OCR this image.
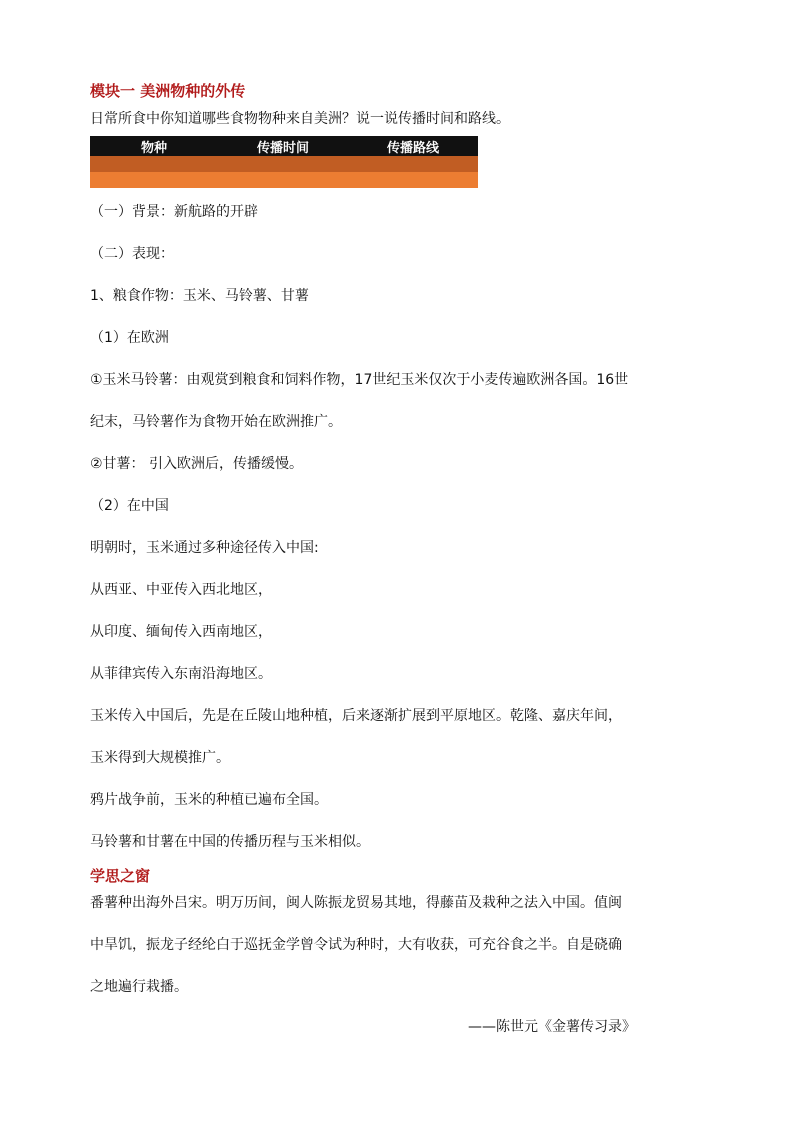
模块一 美洲物种的外传

日常所食中你知道哪些食物物种来自美洲？说一说传播时间和路线。

物种	传播时间	传播路线

（一）背景：新航路的开辟

（二）表现：

1、粮食作物：玉米、马铃薯、甘薯

（1）在欧洲

①玉米马铃薯：由观赏到粮食和饲料作物，17世纪玉米仅次于小麦传遍欧洲各国。16世

纪末，马铃薯作为食物开始在欧洲推广。

②甘薯： 引入欧洲后，传播缓慢。

（2）在中国

明朝时，玉米通过多种途径传入中国:

从西亚、中亚传入西北地区，

从印度、缅甸传入西南地区，

从菲律宾传入东南沿海地区。

玉米传入中国后，先是在丘陵山地种植，后来逐渐扩展到平原地区。乾隆、嘉庆年间，

玉米得到大规模推广。

鸦片战争前，玉米的种植已遍布全国。

马铃薯和甘薯在中国的传播历程与玉米相似。

学思之窗

番薯种出海外吕宋。明万历间，闽人陈振龙贸易其地，得藤苗及栽种之法入中国。值闽

中旱饥，振龙子经纶白于巡抚金学曾令试为种时，大有收获，可充谷食之半。自是硗确

之地遍行栽播。

——陈世元《金薯传习录》
